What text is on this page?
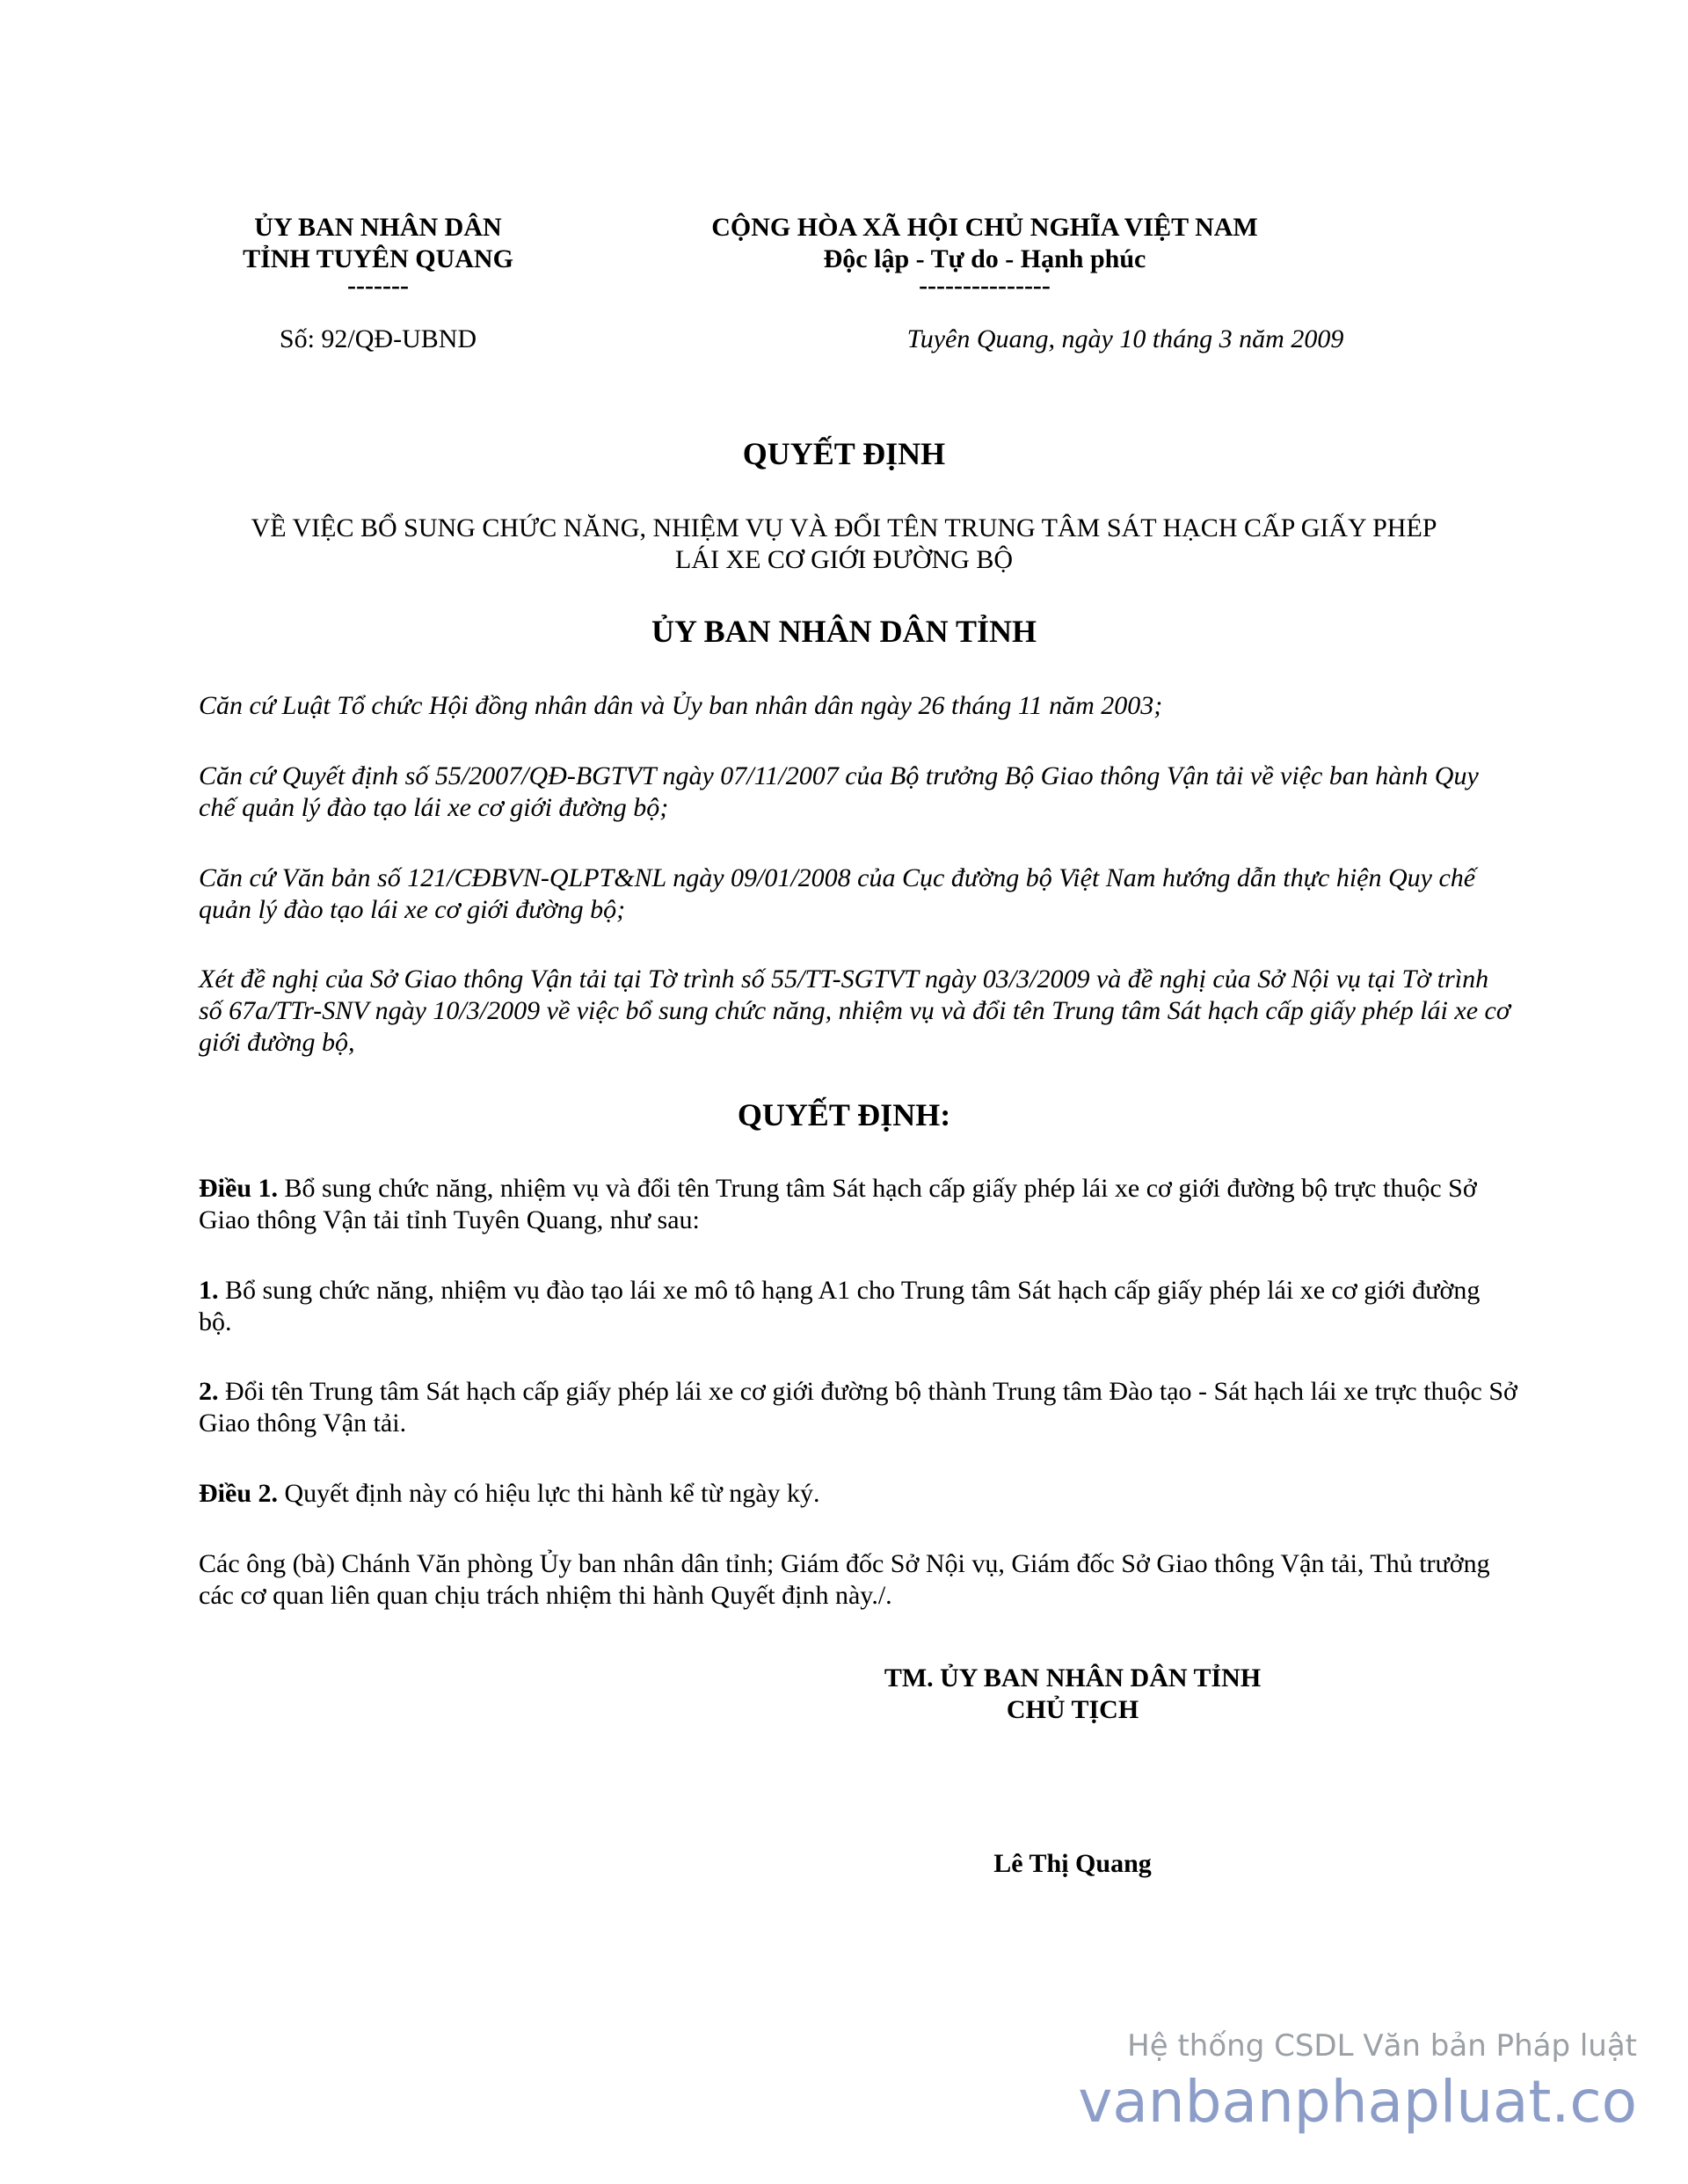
ỦY BAN NHÂN DÂN
TỈNH TUYÊN QUANG
-------
CỘNG HÒA XÃ HỘI CHỦ NGHĨA VIỆT NAM
Độc lập - Tự do - Hạnh phúc
---------------
Số: 92/QĐ-UBND	Tuyên Quang, ngày 10 tháng 3 năm 2009
QUYẾT ĐỊNH
VỀ VIỆC BỔ SUNG CHỨC NĂNG, NHIỆM VỤ VÀ ĐỔI TÊN TRUNG TÂM SÁT HẠCH CẤP GIẤY PHÉP
LÁI XE CƠ GIỚI ĐƯỜNG BỘ
ỦY BAN NHÂN DÂN TỈNH
Căn cứ Luật Tổ chức Hội đồng nhân dân và Ủy ban nhân dân ngày 26 tháng 11 năm 2003;
Căn cứ Quyết định số 55/2007/QĐ-BGTVT ngày 07/11/2007 của Bộ trưởng Bộ Giao thông Vận tải về việc ban hành Quy chế quản lý đào tạo lái xe cơ giới đường bộ;
Căn cứ Văn bản số 121/CĐBVN-QLPT&NL ngày 09/01/2008 của Cục đường bộ Việt Nam hướng dẫn thực hiện Quy chế quản lý đào tạo lái xe cơ giới đường bộ;
Xét đề nghị của Sở Giao thông Vận tải tại Tờ trình số 55/TT-SGTVT ngày 03/3/2009 và đề nghị của Sở Nội vụ tại Tờ trình số 67a/TTr-SNV ngày 10/3/2009 về việc bổ sung chức năng, nhiệm vụ và đổi tên Trung tâm Sát hạch cấp giấy phép lái xe cơ giới đường bộ,
QUYẾT ĐỊNH:
Điều 1. Bổ sung chức năng, nhiệm vụ và đổi tên Trung tâm Sát hạch cấp giấy phép lái xe cơ giới đường bộ trực thuộc Sở Giao thông Vận tải tỉnh Tuyên Quang, như sau:
1. Bổ sung chức năng, nhiệm vụ đào tạo lái xe mô tô hạng A1 cho Trung tâm Sát hạch cấp giấy phép lái xe cơ giới đường bộ.
2. Đổi tên Trung tâm Sát hạch cấp giấy phép lái xe cơ giới đường bộ thành Trung tâm Đào tạo - Sát hạch lái xe trực thuộc Sở Giao thông Vận tải.
Điều 2. Quyết định này có hiệu lực thi hành kể từ ngày ký.
Các ông (bà) Chánh Văn phòng Ủy ban nhân dân tỉnh; Giám đốc Sở Nội vụ, Giám đốc Sở Giao thông Vận tải, Thủ trưởng các cơ quan liên quan chịu trách nhiệm thi hành Quyết định này./.
TM. ỦY BAN NHÂN DÂN TỈNH
CHỦ TỊCH
Lê Thị Quang
Hệ thống CSDL Văn bản Pháp luật
vanbanphapluat.co
